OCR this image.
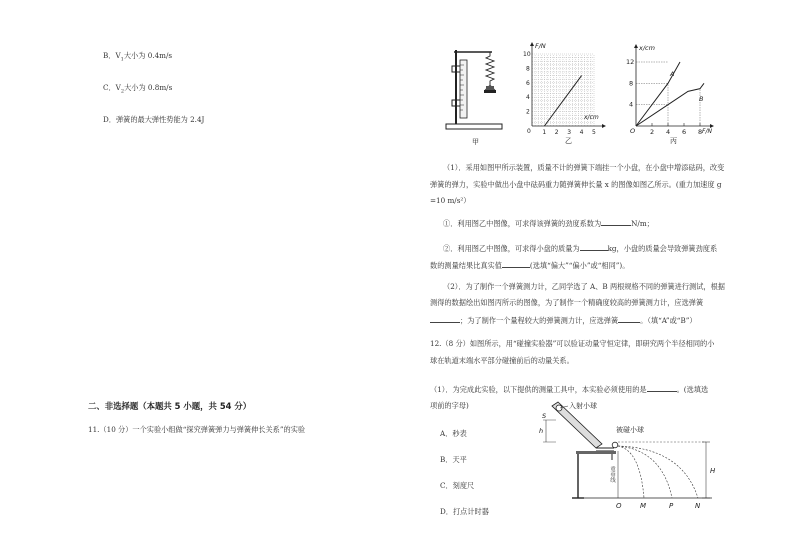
B．$V_1$大小为 0.4m/s
C．$V_2$大小为 0.8m/s
D．弹簧的最大弹性势能为 2.4J
二、非选择题（本题共 5 小题，共 54 分）
11.（10 分）一个实验小组做“探究弹簧弹力与弹簧伸长关系”的实验
甲
1 2 3 4 5
2
4
6
8
10
F/N
x/cm
0
乙
2 4 6 8
4
8
12
x/cm
F/N
O
A
B
丙
（1）．采用如图甲所示装置，质量不计的弹簧下端挂一个小盘，在小盘中增添砝码，改变
弹簧的弹力，实验中做出小盘中砝码重力随弹簧伸长量 x 的图像如图乙所示。(重力加速度 g
=10 m/s²）
①．利用图乙中图像，可求得该弹簧的劲度系数为	N/m；
②．利用图乙中图像，可求得小盘的质量为	kg，小盘的质量会导致弹簧劲度系
数的测量结果比真实值	(选填“偏大”“偏小”或“相同”)。
（2）．为了制作一个弹簧测力计，乙同学选了 A、B 两根规格不同的弹簧进行测试，根据
测得的数据绘出如图丙所示的图像，为了制作一个精确度较高的弹簧测力计，应选弹簧
；为了制作一个量程较大的弹簧测力计，应选弹簧	。（填“A”或“B”）
12.（8 分）如图所示，用“碰撞实验器”可以验证动量守恒定律，即研究两个半径相同的小
球在轨道末端水平部分碰撞前后的动量关系。
（1）．为完成此实验，以下提供的测量工具中，本实验必须使用的是	。(选填选
项前的字母)
A．秒表
B．天平
C．刻度尺
D．打点计时器
入射小球
S
h	被碰小球
重垂线	H
O	M	P	N
